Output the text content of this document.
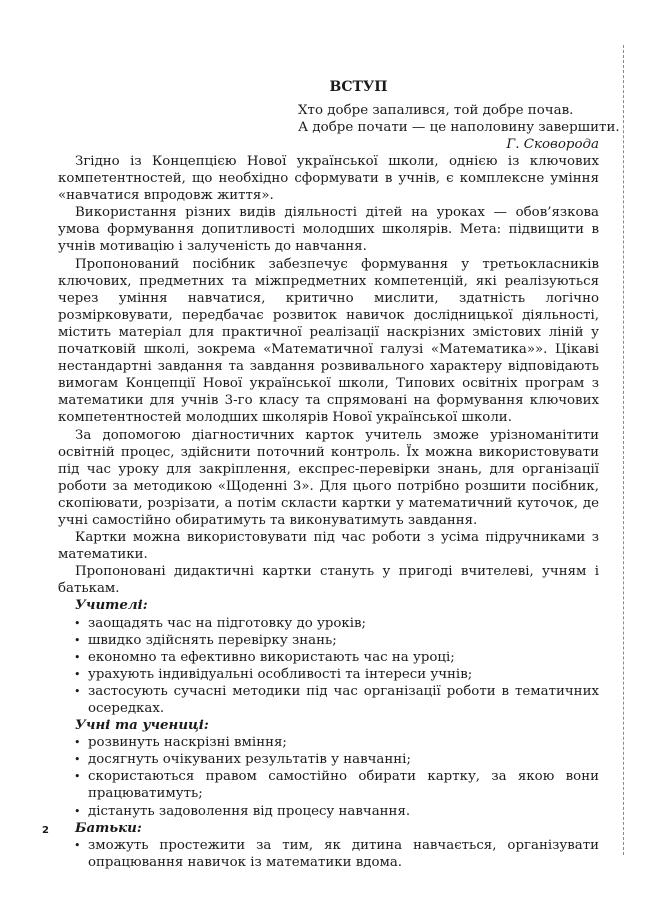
ВСТУП
Хто добре запалився, той добре почав.
А добре почати — це наполовину завершити.
Г. Сковорода

Згідно із Концепцією Нової української школи, однією із ключових компетентностей, що необхідно сформувати в учнів, є комплексне уміння «навчатися впродовж життя».

Використання різних видів діяльності дітей на уроках — обов’язкова умова формування допитливості молодших школярів. Мета: підвищити в учнів мотивацію і залученість до навчання.

Пропонований посібник забезпечує формування у третьокласників ключових, предметних та міжпредметних компетенцій, які реалізуються через уміння навчатися, критично мислити, здатність логічно розмірковувати, передбачає розвиток навичок дослідницької діяльності, містить матеріал для практичної реалізації наскрізних змістових ліній у початковій школі, зокрема «Математичної галузі «Математика»». Цікаві нестандартні завдання та завдання розвивального характеру відповідають вимогам Концепції Нової української школи, Типових освітніх програм з математики для учнів 3-го класу та спрямовані на формування ключових компетентностей молодших школярів Нової української школи.

За допомогою діагностичних карток учитель зможе урізноманітити освітній процес, здійснити поточний контроль. Їх можна використовувати під час уроку для закріплення, експрес-перевірки знань, для організації роботи за методикою «Щоденні 3». Для цього потрібно розшити посібник, скопіювати, розрізати, а потім скласти картки у математичний куточок, де учні самостійно обиратимуть та виконуватимуть завдання.

Картки можна використовувати під час роботи з усіма підручниками з математики.

Пропоновані дидактичні картки стануть у пригоді вчителеві, учням і батькам.

Учителі:
• заощадять час на підготовку до уроків;
• швидко здійснять перевірку знань;
• економно та ефективно використають час на уроці;
• урахують індивідуальні особливості та інтереси учнів;
• застосують сучасні методики під час організації роботи в тематичних осередках.
Учні та учениці:
• розвинуть наскрізні вміння;
• досягнуть очікуваних результатів у навчанні;
• скористаються правом самостійно обирати картку, за якою вони працюватимуть;
• дістануть задоволення від процесу навчання.
Батьки:
• зможуть простежити за тим, як дитина навчається, організувати опрацювання навичок із математики вдома.
2
